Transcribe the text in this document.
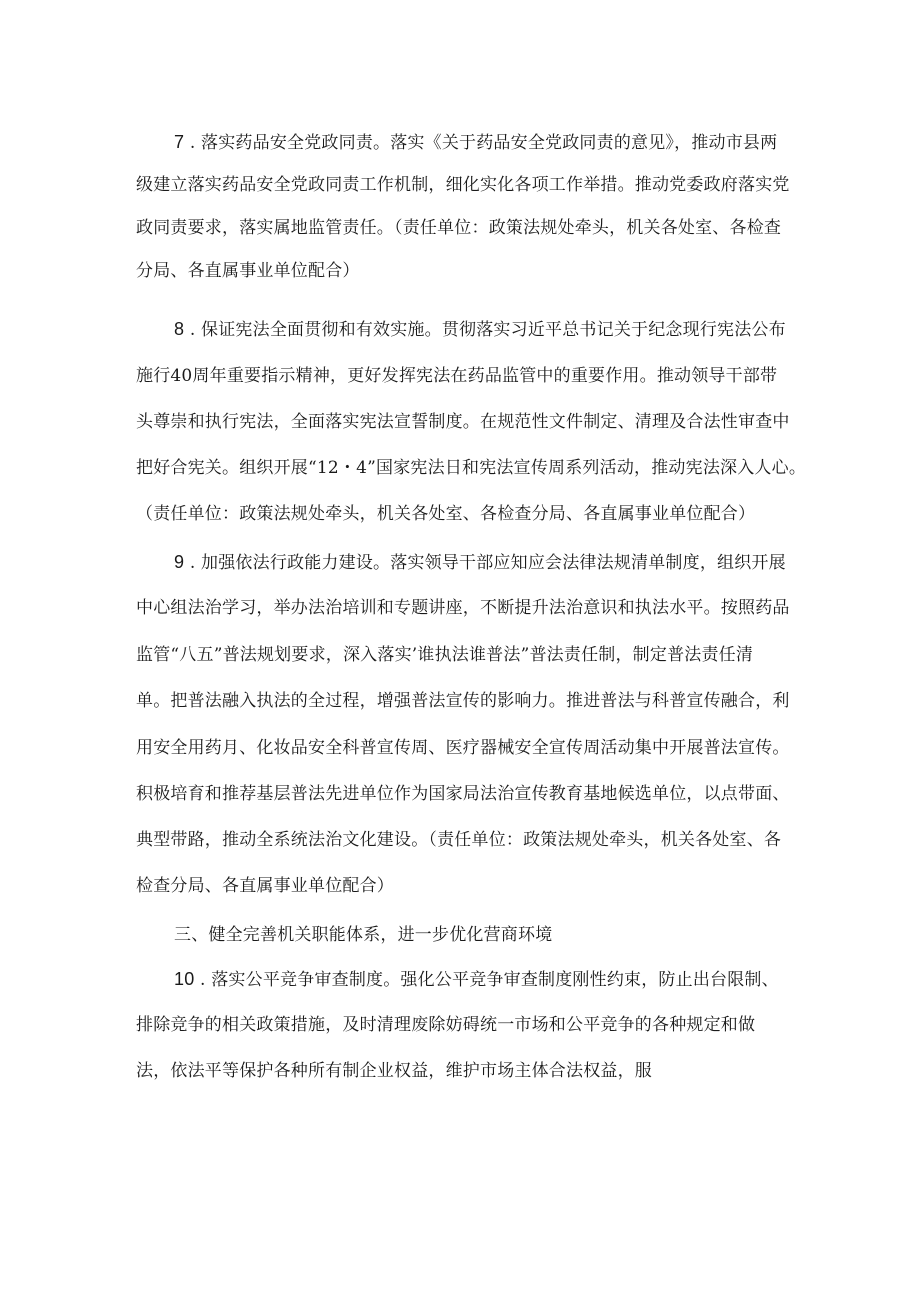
7 . 落实药品安全党政同责。落实《关于药品安全党政同责的意见》，推动市县两
级建立落实药品安全党政同责工作机制，细化实化各项工作举措。推动党委政府落实党
政同责要求，落实属地监管责任。（责任单位：政策法规处牵头，机关各处室、各检查
分局、各直属事业单位配合）
8 . 保证宪法全面贯彻和有效实施。贯彻落实习近平总书记关于纪念现行宪法公布
施行40周年重要指示精神，更好发挥宪法在药品监管中的重要作用。推动领导干部带
头尊崇和执行宪法，全面落实宪法宣誓制度。在规范性文件制定、清理及合法性审查中
把好合宪关。组织开展“12・4”国家宪法日和宪法宣传周系列活动，推动宪法深入人心。
（责任单位：政策法规处牵头，机关各处室、各检查分局、各直属事业单位配合）
9 . 加强依法行政能力建设。落实领导干部应知应会法律法规清单制度，组织开展
中心组法治学习，举办法治培训和专题讲座，不断提升法治意识和执法水平。按照药品
监管“八五”普法规划要求，深入落实’谁执法谁普法”普法责任制，制定普法责任清
单。把普法融入执法的全过程，增强普法宣传的影响力。推进普法与科普宣传融合，利
用安全用药月、化妆品安全科普宣传周、医疗器械安全宣传周活动集中开展普法宣传。
积极培育和推荐基层普法先进单位作为国家局法治宣传教育基地候选单位，以点带面、
典型带路，推动全系统法治文化建设。（责任单位：政策法规处牵头，机关各处室、各
检查分局、各直属事业单位配合）
三、健全完善机关职能体系，进一步优化营商环境
10 . 落实公平竞争审查制度。强化公平竞争审查制度刚性约束，防止出台限制、
排除竞争的相关政策措施，及时清理废除妨碍统一市场和公平竞争的各种规定和做
法，依法平等保护各种所有制企业权益，维护市场主体合法权益，服
